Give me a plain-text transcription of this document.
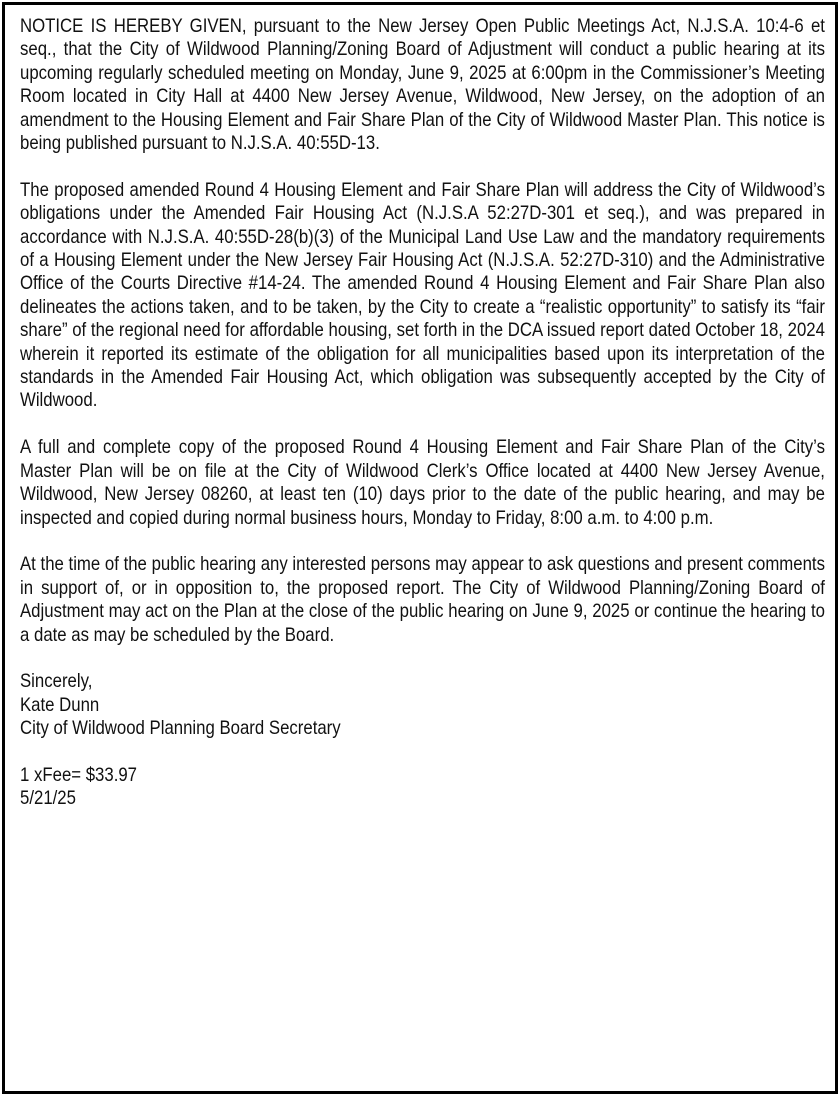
NOTICE IS HEREBY GIVEN, pursuant to the New Jersey Open Public Meetings Act, N.J.S.A. 10:4-6 et seq., that the City of Wildwood Planning/Zoning Board of Adjustment will conduct a public hearing at its upcoming regularly scheduled meeting on Monday, June 9, 2025 at 6:00pm in the Commissioner’s Meeting Room located in City Hall at 4400 New Jersey Avenue, Wildwood, New Jersey, on the adoption of an amendment to the Housing Element and Fair Share Plan of the City of Wildwood Master Plan. This notice is being published pursuant to N.J.S.A. 40:55D-13.

The proposed amended Round 4 Housing Element and Fair Share Plan will address the City of Wildwood’s obligations under the Amended Fair Housing Act (N.J.S.A 52:27D-301 et seq.), and was prepared in accordance with N.J.S.A. 40:55D-28(b)(3) of the Municipal Land Use Law and the mandatory requirements of a Housing Element under the New Jersey Fair Housing Act (N.J.S.A. 52:27D-310) and the Administrative Office of the Courts Directive #14-24. The amended Round 4 Housing Element and Fair Share Plan also delineates the actions taken, and to be taken, by the City to create a “realistic opportunity” to satisfy its “fair share” of the regional need for affordable housing, set forth in the DCA issued report dated October 18, 2024 wherein it reported its estimate of the obligation for all municipalities based upon its interpretation of the standards in the Amended Fair Housing Act, which obligation was subsequently accepted by the City of Wildwood.

A full and complete copy of the proposed Round 4 Housing Element and Fair Share Plan of the City’s Master Plan will be on file at the City of Wildwood Clerk’s Office located at 4400 New Jersey Avenue, Wildwood, New Jersey 08260, at least ten (10) days prior to the date of the public hearing, and may be inspected and copied during normal business hours, Monday to Friday, 8:00 a.m. to 4:00 p.m.

At the time of the public hearing any interested persons may appear to ask questions and present comments in support of, or in opposition to, the proposed report. The City of Wildwood Planning/Zoning Board of Adjustment may act on the Plan at the close of the public hearing on June 9, 2025 or continue the hearing to a date as may be scheduled by the Board.

Sincerely,
Kate Dunn
City of Wildwood Planning Board Secretary
1 xFee= $33.97
5/21/25
